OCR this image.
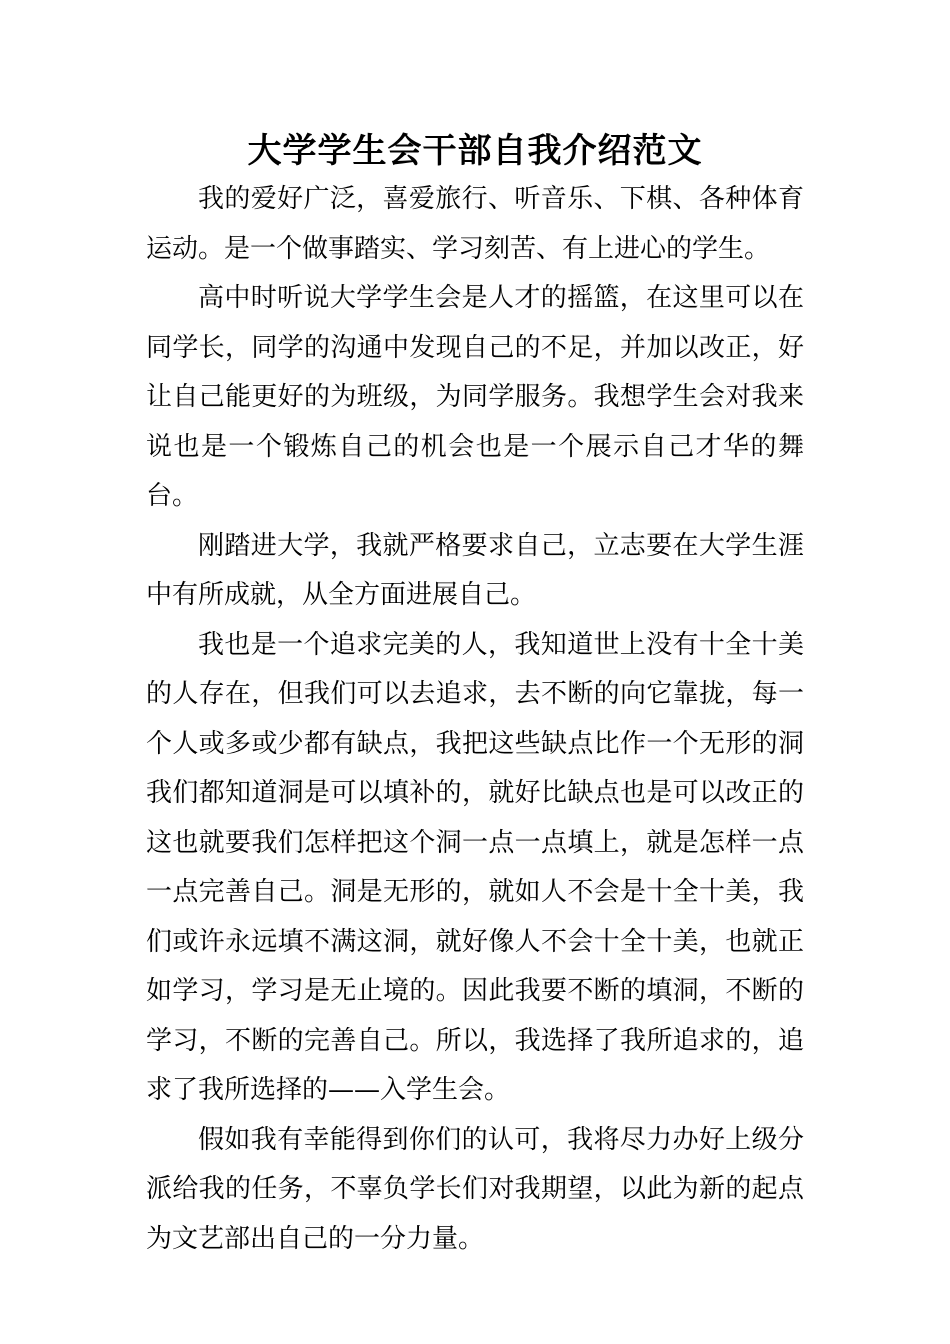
大学学生会干部自我介绍范文

我的爱好广泛，喜爱旅行、听音乐、下棋、各种体育运动。是一个做事踏实、学习刻苦、有上进心的学生。

高中时听说大学学生会是人才的摇篮，在这里可以在同学长，同学的沟通中发现自己的不足，并加以改正，好让自己能更好的为班级，为同学服务。我想学生会对我来说也是一个锻炼自己的机会也是一个展示自己才华的舞台。

刚踏进大学，我就严格要求自己，立志要在大学生涯中有所成就，从全方面进展自己。

我也是一个追求完美的人，我知道世上没有十全十美的人存在，但我们可以去追求，去不断的向它靠拢，每一个人或多或少都有缺点，我把这些缺点比作一个无形的洞我们都知道洞是可以填补的，就好比缺点也是可以改正的这也就要我们怎样把这个洞一点一点填上，就是怎样一点一点完善自己。洞是无形的，就如人不会是十全十美，我们或许永远填不满这洞，就好像人不会十全十美，也就正如学习，学习是无止境的。因此我要不断的填洞，不断的学习，不断的完善自己。所以，我选择了我所追求的，追求了我所选择的——入学生会。

假如我有幸能得到你们的认可，我将尽力办好上级分派给我的任务，不辜负学长们对我期望，以此为新的起点为文艺部出自己的一分力量。
